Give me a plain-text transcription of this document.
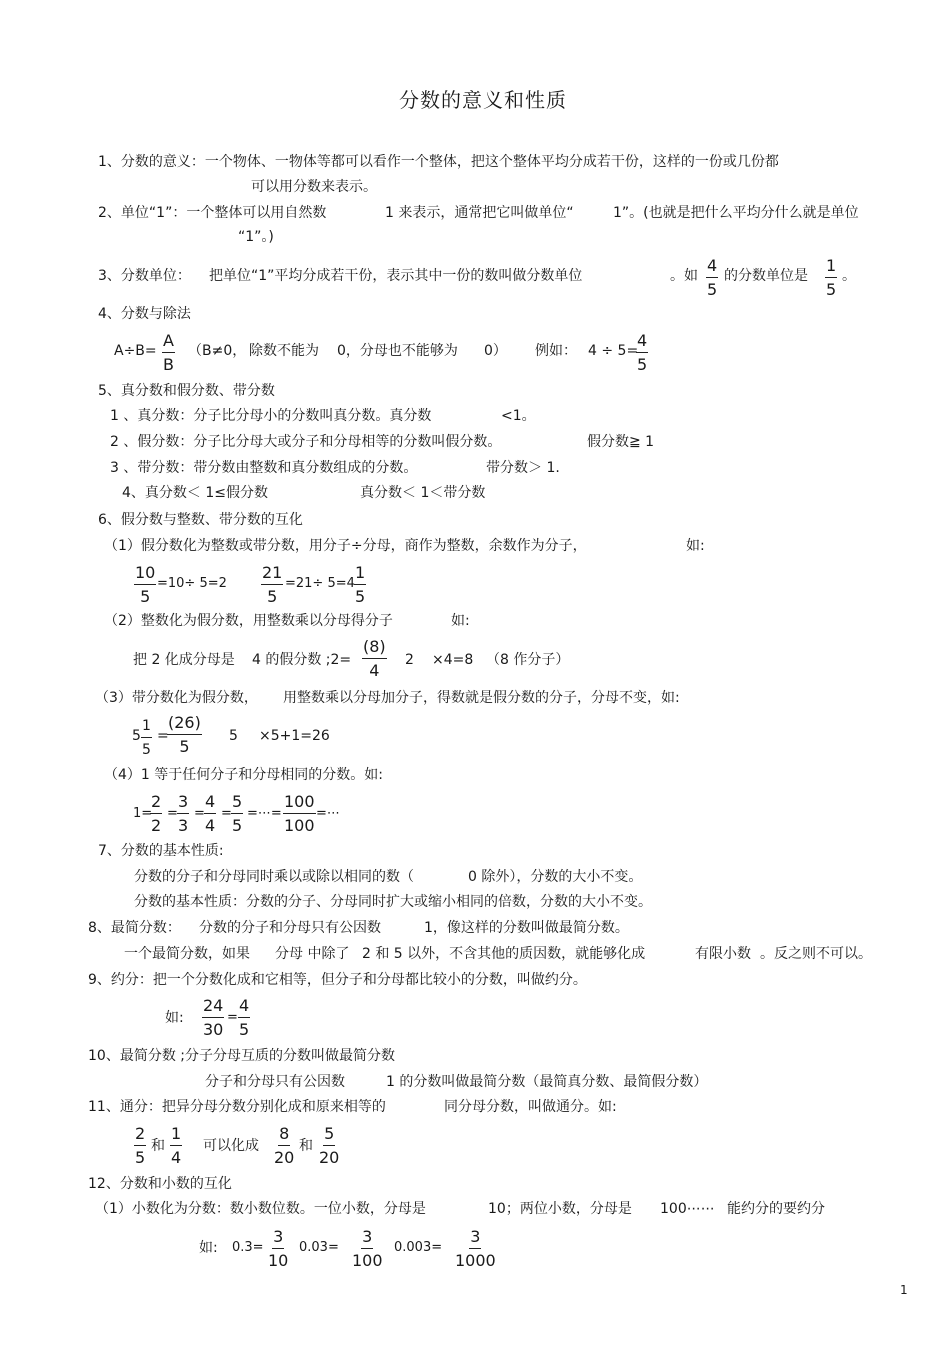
分数的意义和性质
1、分数的意义：一个物体、一物体等都可以看作一个整体，把这个整体平均分成若干份，这样的一份或几份都
可以用分数来表示。
2、单位“1”：一个整体可以用自然数	1 来表示，通常把它叫做单位“	1”。(也就是把什么平均分什么就是单位
“1”。)
3、分数单位： 把单位“1”平均分成若干份，表示其中一份的数叫做分数单位	。如 $\frac{4}{5}$ 的分数单位是 $\frac{1}{5}$ 。
4、分数与除法
$A\div B= \frac{A}{B} (B\ne 0$， 除数不能为 0，分母也不能够为 0） 例如： 4 ÷ 5=
$\frac{4}{5}$
5、真分数和假分数、带分数
1 、真分数：分子比分母小的分数叫真分数。真分数	<1。
2 、假分数：分子比分母大或分子和分母相等的分数叫假分数。	假分数≧ 1
3 、带分数：带分数由整数和真分数组成的分数。	带分数＞ 1.
4、真分数＜ 1≤假分数	真分数＜ 1＜带分数
6、假分数与整数、带分数的互化
（1）假分数化为整数或带分数，用分子÷分母，商作为整数，余数作为分子，	如:
$\frac{10}{5} =10\div 5=2 \frac{21}{5} =21\div 5=4 \frac{1}{5}$
（2）整数化为假分数，用整数乘以分母得分子	如:
把 2 化成分母是 4 的假分数 ;2= $\frac{(8)}{4} 2 \times 4=8$ （8 作分子）
（3）带分数化为假分数， 用整数乘以分母加分子，得数就是假分数的分子，分母不变，如:
$5 \frac{1}{5}$ =
$\frac{(26)}{5} 5 \times 5+1=26$
（4）1 等于任何分子和分母相同的分数。如:
1=
$\frac{2}{2} = \frac{3}{3} = \frac{4}{4} = \frac{5}{5}$ =⋯= $\frac{100}{100}$ =⋯
7、分数的基本性质:
分数的分子和分母同时乘以或除以相同的数（	0 除外），分数的大小不变。
分数的基本性质：分数的分子、分母同时扩大或缩小相同的倍数，分数的大小不变。
8、最简分数： 分数的分子和分母只有公因数	1，像这样的分数叫做最简分数。
一个最简分数，如果 分母 中除了 2 和 5 以外，不含其他的质因数，就能够化成	有限小数 。反之则不可以。
9、约分：把一个分数化成和它相等，但分子和分母都比较小的分数，叫做约分。
如: $\frac{24}{30} = \frac{4}{5}$
10、最简分数 ;分子分母互质的分数叫做最简分数
分子和分母只有公因数	1 的分数叫做最简分数（最简真分数、最简假分数）
11、通分：把异分母分数分别化成和原来相等的	同分母分数，叫做通分。如:
$\frac{2}{5}$ 和 $\frac{1}{4}$ 可以化成 $\frac{8}{20}$ 和 $\frac{5}{20}$
12、分数和小数的互化
（1）小数化为分数：数小数位数。一位小数，分母是	10；两位小数，分母是 100⋯⋯ 能约分的要约分
如: $0.3= \frac{3}{10} 0.03= \frac{3}{100} 0.003= \frac{3}{1000}$
1
